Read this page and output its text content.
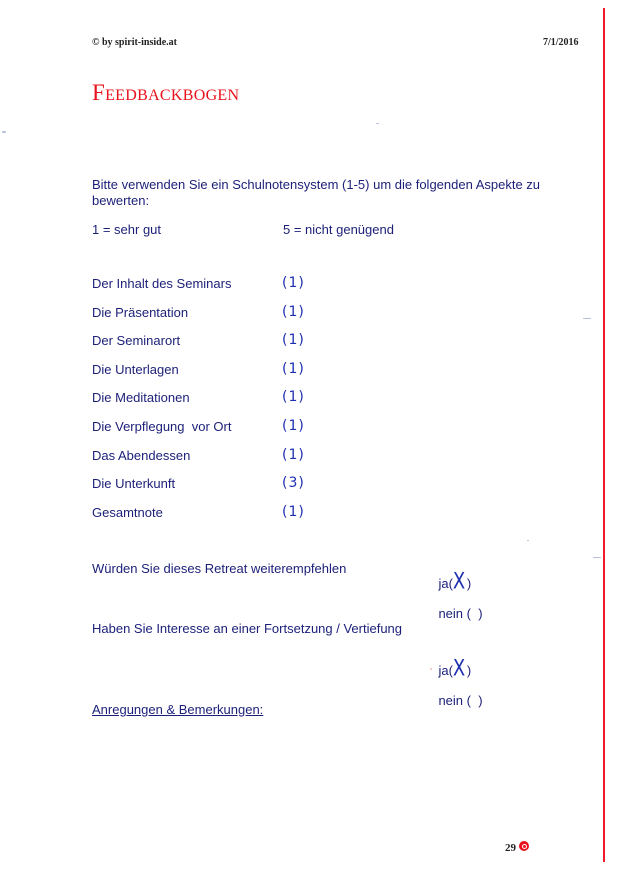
© by spirit-inside.at	7/1/2016
Feedbackbogen
Bitte verwenden Sie ein Schulnotensystem (1-5) um die folgenden Aspekte zu bewerten:
1 = sehr gut	5 = nicht genügend
Der Inhalt des Seminars	(1)
Die Präsentation	(1)
Der Seminarort	(1)
Die Unterlagen	(1)
Die Meditationen	(1)
Die Verpflegung  vor Ort	(1)
Das Abendessen	(1)
Die Unterkunft	(3)
Gesamtnote	(1)
Würden Sie dieses Retreat weiterempfehlen

ja( X )

nein (  )

Haben Sie Interesse an einer Fortsetzung / Vertiefung

ja( X )

nein (  )

Anregungen & Bemerkungen:
29
